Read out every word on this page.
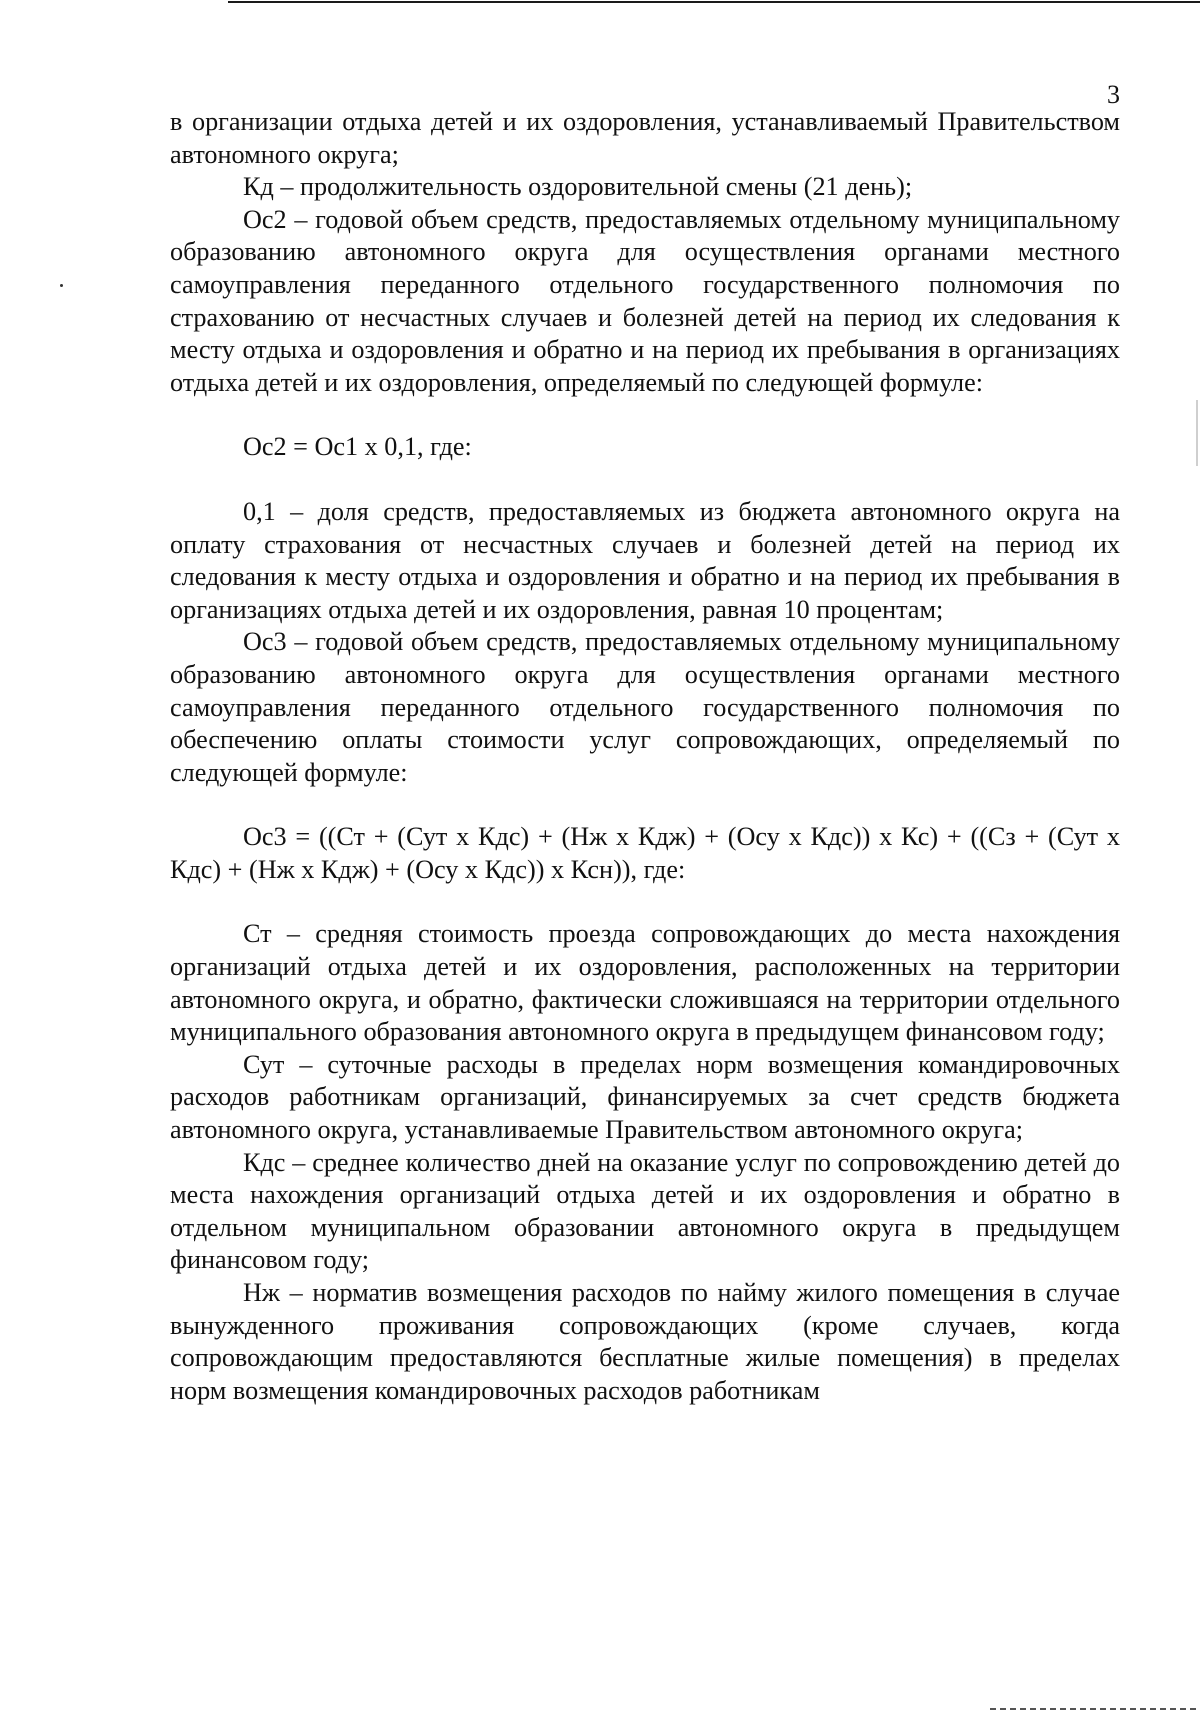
3

в организации отдыха детей и их оздоровления, устанавливаемый Правительством автономного округа;

Кд – продолжительность оздоровительной смены (21 день);

Ос2 – годовой объем средств, предоставляемых отдельному муниципальному образованию автономного округа для осуществления органами местного самоуправления переданного отдельного государственного полномочия по страхованию от несчастных случаев и болезней детей на период их следования к месту отдыха и оздоровления и обратно и на период их пребывания в организациях отдыха детей и их оздоровления, определяемый по следующей формуле:

Ос2 = Ос1 х 0,1, где:

0,1 – доля средств, предоставляемых из бюджета автономного округа на оплату страхования от несчастных случаев и болезней детей на период их следования к месту отдыха и оздоровления и обратно и на период их пребывания в организациях отдыха детей и их оздоровления, равная 10 процентам;

Ос3 – годовой объем средств, предоставляемых отдельному муниципальному образованию автономного округа для осуществления органами местного самоуправления переданного отдельного государственного полномочия по обеспечению оплаты стоимости услуг сопровождающих, определяемый по следующей формуле:

Ос3 = ((Ст + (Сут х Кдс) + (Нж х Кдж) + (Осу х Кдс)) х Кс) + ((Сз + (Сут х Кдс) + (Нж х Кдж) + (Осу х Кдс)) х Ксн)), где:

Ст – средняя стоимость проезда сопровождающих до места нахождения организаций отдыха детей и их оздоровления, расположенных на территории автономного округа, и обратно, фактически сложившаяся на территории отдельного муниципального образования автономного округа в предыдущем финансовом году;

Сут – суточные расходы в пределах норм возмещения командировочных расходов работникам организаций, финансируемых за счет средств бюджета автономного округа, устанавливаемые Правительством автономного округа;

Кдс – среднее количество дней на оказание услуг по сопровождению детей до места нахождения организаций отдыха детей и их оздоровления и обратно в отдельном муниципальном образовании автономного округа в предыдущем финансовом году;

Нж – норматив возмещения расходов по найму жилого помещения в случае вынужденного проживания сопровождающих (кроме случаев, когда сопровождающим предоставляются бесплатные жилые помещения) в пределах норм возмещения командировочных расходов работникам
